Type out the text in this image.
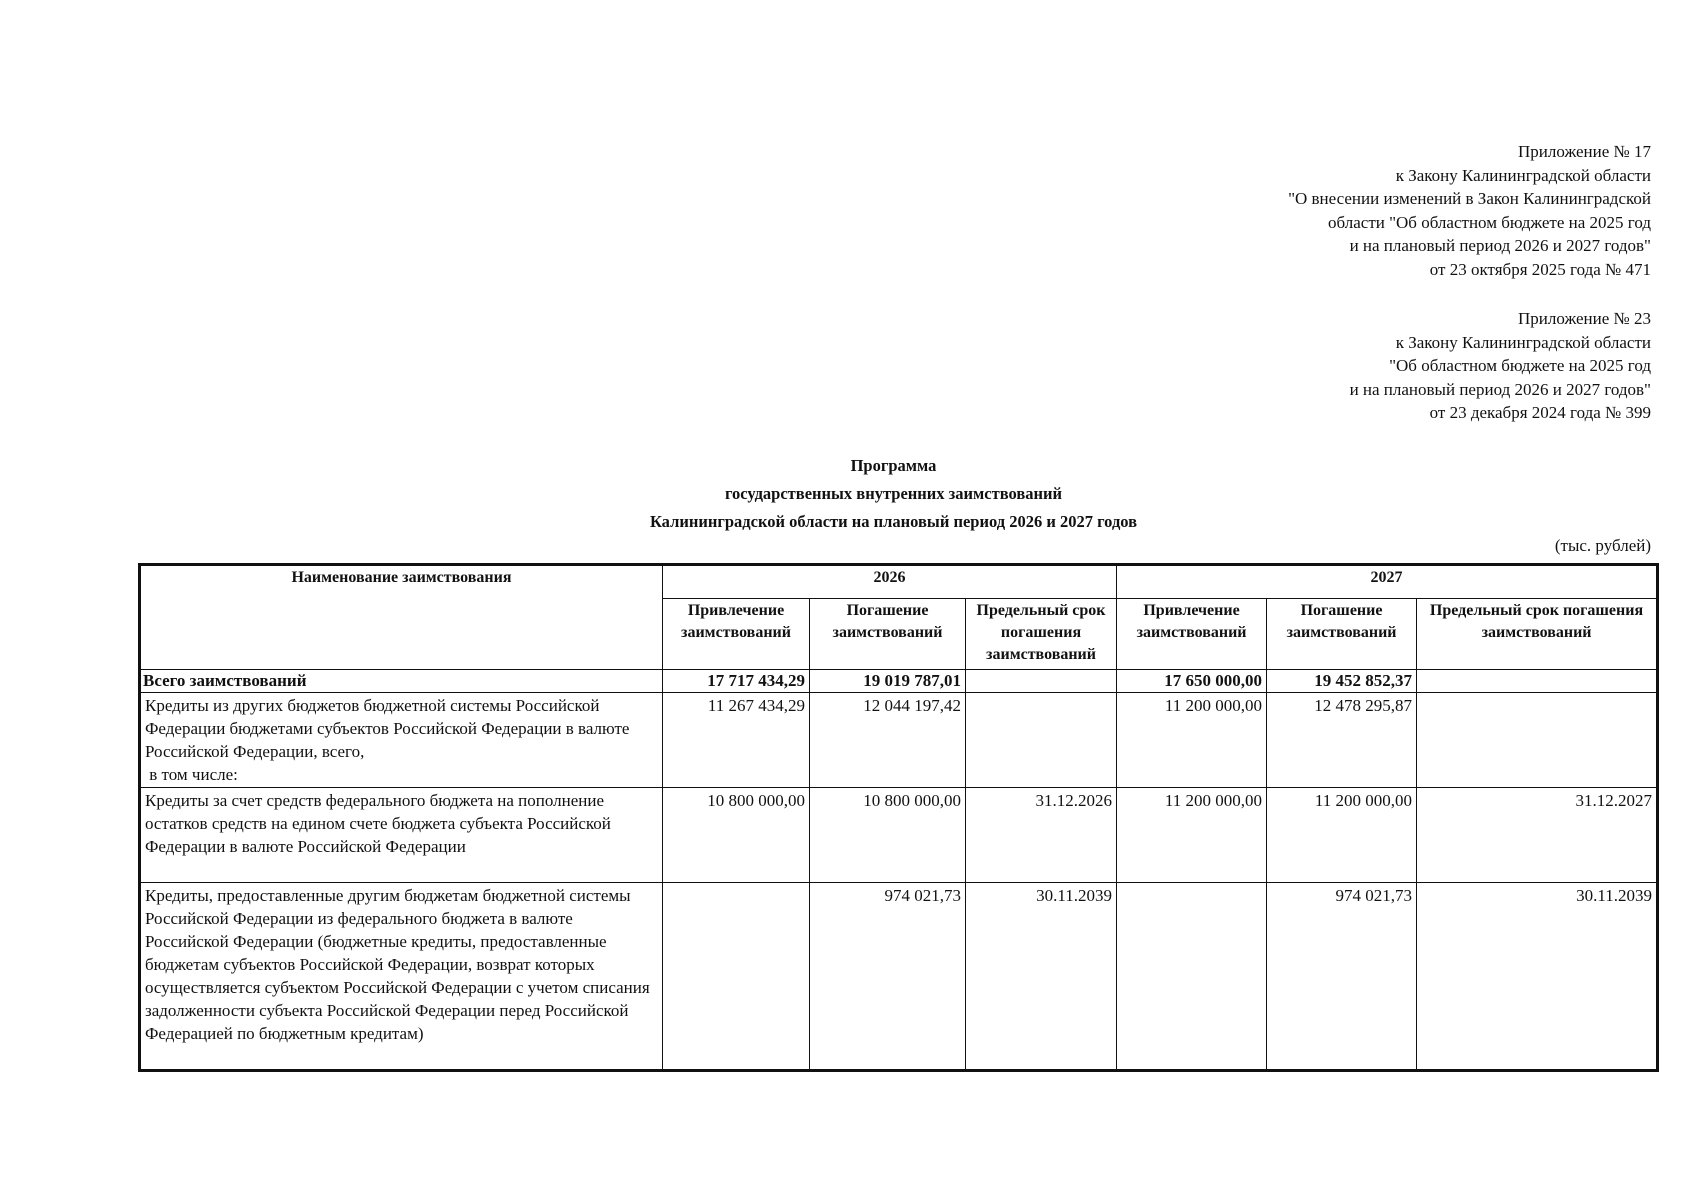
Приложение № 17
к Закону Калининградской области
"О внесении изменений в Закон Калининградской
области "Об областном бюджете на 2025 год
и на плановый период 2026 и 2027 годов"
от 23 октября 2025 года № 471
Приложение № 23
к Закону Калининградской области
"Об областном бюджете на 2025 год
и на плановый период 2026 и 2027 годов"
от 23 декабря 2024 года № 399
Программа
государственных внутренних заимствований
Калининградской области на плановый период 2026 и 2027 годов
(тыс. рублей)
Наименование заимствования	2026			2027		
	Привлечение заимствований	Погашение заимствований	Предельный срок погашения заимствований	Привлечение заимствований	Погашение заимствований	Предельный срок погашения заимствований
Всего заимствований	17 717 434,29	19 019 787,01		17 650 000,00	19 452 852,37	
Кредиты из других бюджетов бюджетной системы Российской Федерации бюджетами субъектов Российской Федерации в валюте Российской Федерации, всего,
в том числе:	11 267 434,29	12 044 197,42		11 200 000,00	12 478 295,87	
Кредиты за счет средств федерального бюджета на пополнение остатков средств на едином счете бюджета субъекта Российской Федерации в валюте Российской Федерации	10 800 000,00	10 800 000,00	31.12.2026	11 200 000,00	11 200 000,00	31.12.2027
Кредиты, предоставленные другим бюджетам бюджетной системы Российской Федерации из федерального бюджета в валюте Российской Федерации (бюджетные кредиты, предоставленные бюджетам субъектов Российской Федерации, возврат которых осуществляется субъектом Российской Федерации с учетом списания задолженности субъекта Российской Федерации перед Российской Федерацией по бюджетным кредитам)		974 021,73	30.11.2039		974 021,73	30.11.2039
